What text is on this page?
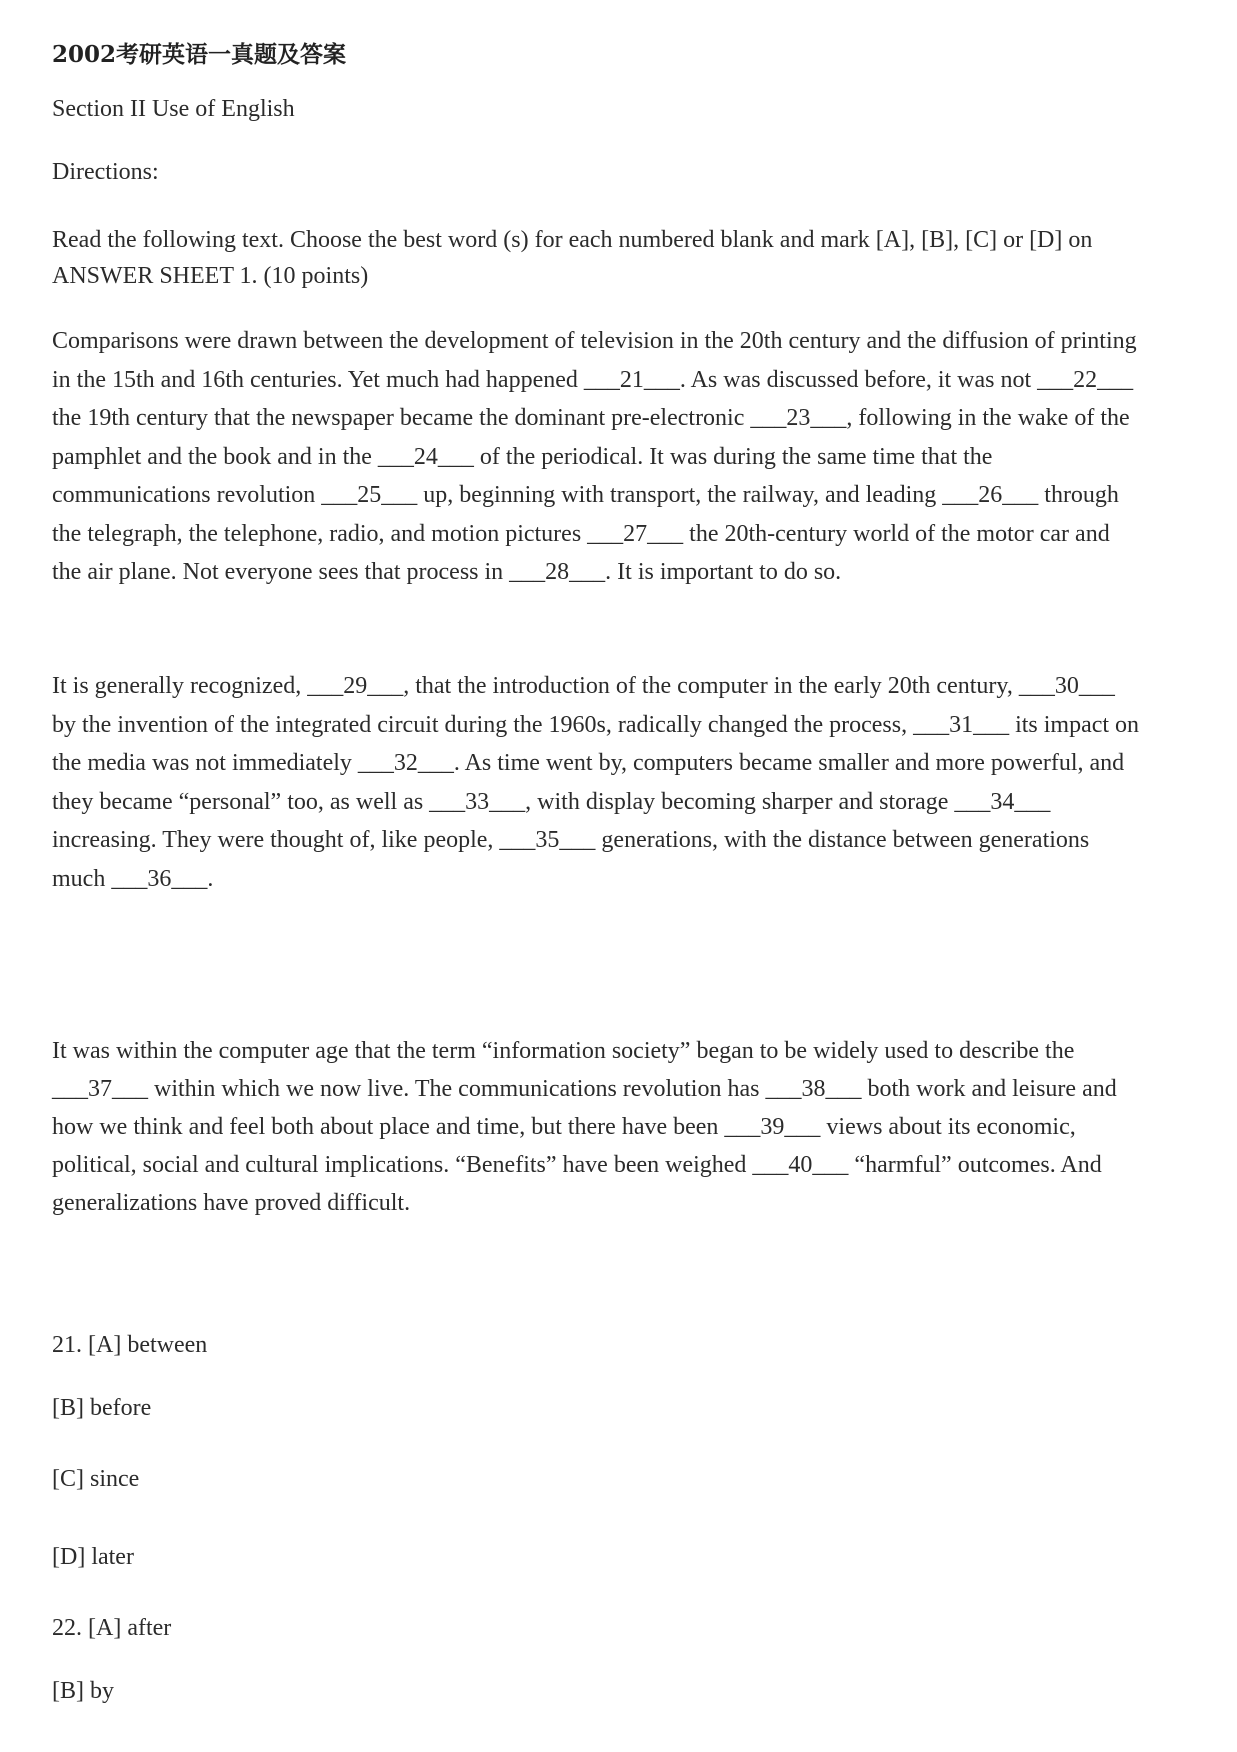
2002考研英语一真题及答案
Section II Use of English
Directions:
Read the following text. Choose the best word (s) for each numbered blank and mark [A], [B], [C] or [D] on
ANSWER SHEET 1. (10 points)
Comparisons were drawn between the development of television in the 20th century and the diffusion of printing
in the 15th and 16th centuries. Yet much had happened ___21___. As was discussed before, it was not ___22___
the 19th century that the newspaper became the dominant pre-electronic ___23___, following in the wake of the
pamphlet and the book and in the ___24___ of the periodical. It was during the same time that the
communications revolution ___25___ up, beginning with transport, the railway, and leading ___26___ through
the telegraph, the telephone, radio, and motion pictures ___27___ the 20th-century world of the motor car and
the air plane. Not everyone sees that process in ___28___. It is important to do so.
It is generally recognized, ___29___, that the introduction of the computer in the early 20th century, ___30___
by the invention of the integrated circuit during the 1960s, radically changed the process, ___31___ its impact on
the media was not immediately ___32___. As time went by, computers became smaller and more powerful, and
they became “personal” too, as well as ___33___, with display becoming sharper and storage ___34___
increasing. They were thought of, like people, ___35___ generations, with the distance between generations
much ___36___.
It was within the computer age that the term “information society” began to be widely used to describe the
___37___ within which we now live. The communications revolution has ___38___ both work and leisure and
how we think and feel both about place and time, but there have been ___39___ views about its economic,
political, social and cultural implications. “Benefits” have been weighed ___40___ “harmful” outcomes. And
generalizations have proved difficult.
21. [A] between
[B] before
[C] since
[D] later
22. [A] after
[B] by
